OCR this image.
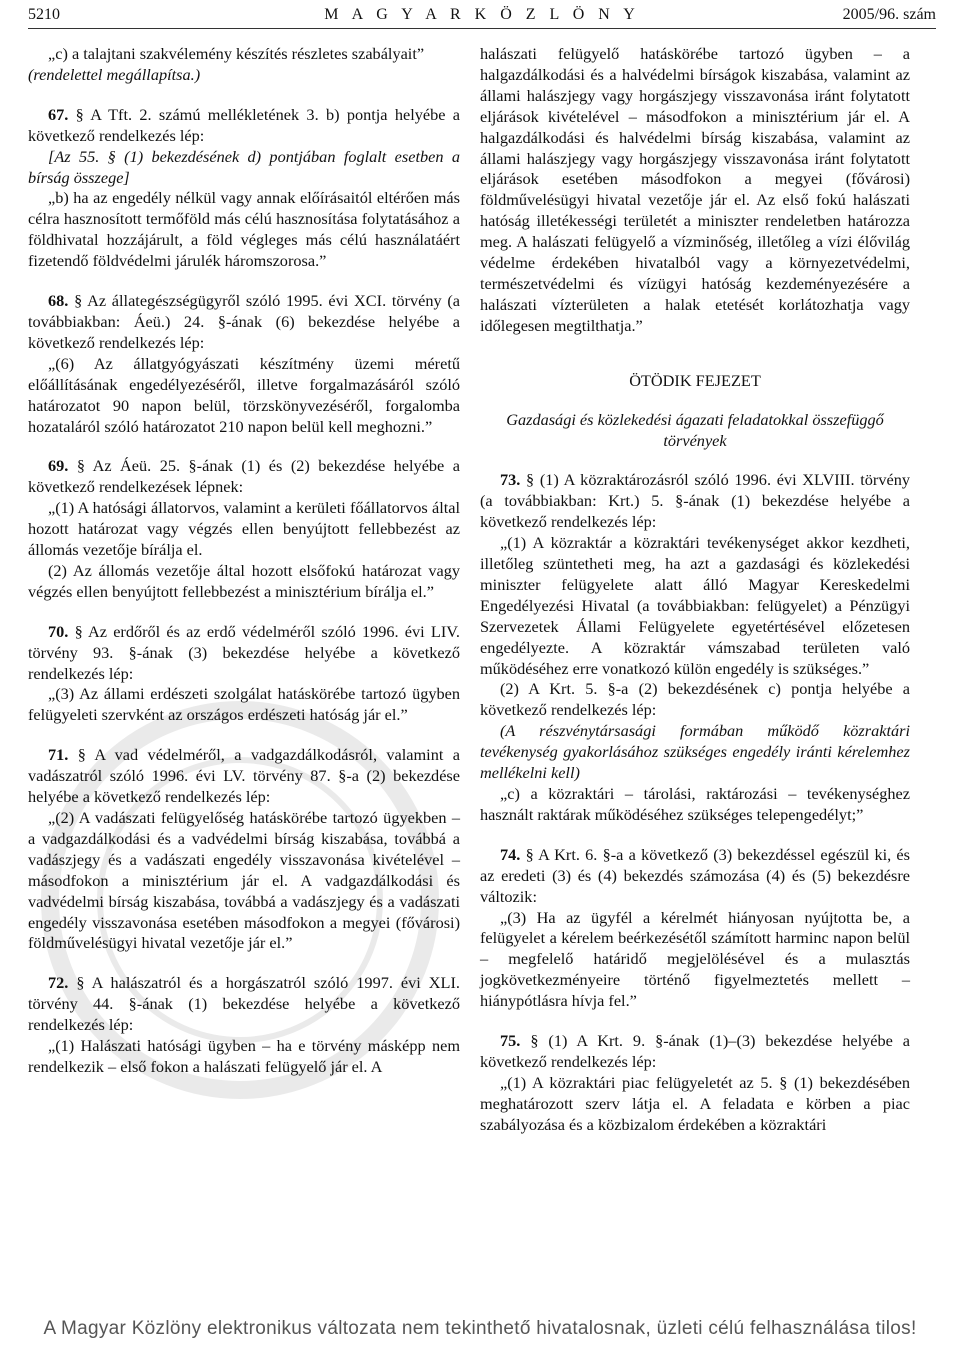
5210	M A G Y A R K Ö Z L Ö N Y	2005/96. szám

„c) a talajtani szakvélemény készítés részletes szabályait”

(rendelettel megállapítsa.)

67. § A Tft. 2. számú mellékletének 3. b) pontja helyébe a következő rendelkezés lép:

[Az 55. § (1) bekezdésének d) pontjában foglalt esetben a bírság összege]

„b) ha az engedély nélkül vagy annak előírásaitól eltérően más célra hasznosított termőföld más célú hasznosítása folytatásához a földhivatal hozzájárult, a föld végleges más célú használatáért fizetendő földvédelmi járulék háromszorosa.”

68. § Az állategészségügyről szóló 1995. évi XCI. törvény (a továbbiakban: Áeü.) 24. §-ának (6) bekezdése helyébe a következő rendelkezés lép:

„(6) Az állatgyógyászati készítmény üzemi méretű előállításának engedélyezéséről, illetve forgalmazásáról szóló határozatot 90 napon belül, törzskönyvezéséről, forgalomba hozataláról szóló határozatot 210 napon belül kell meghozni.”

69. § Az Áeü. 25. §-ának (1) és (2) bekezdése helyébe a következő rendelkezések lépnek:

„(1) A hatósági állatorvos, valamint a kerületi főállatorvos által hozott határozat vagy végzés ellen benyújtott fellebbezést az állomás vezetője bírálja el.

(2) Az állomás vezetője által hozott elsőfokú határozat vagy végzés ellen benyújtott fellebbezést a minisztérium bírálja el.”

70. § Az erdőről és az erdő védelméről szóló 1996. évi LIV. törvény 93. §-ának (3) bekezdése helyébe a következő rendelkezés lép:

„(3) Az állami erdészeti szolgálat hatáskörébe tartozó ügyben felügyeleti szervként az országos erdészeti hatóság jár el.”

71. § A vad védelméről, a vadgazdálkodásról, valamint a vadászatról szóló 1996. évi LV. törvény 87. §-a (2) bekezdése helyébe a következő rendelkezés lép:

„(2) A vadászati felügyelőség hatáskörébe tartozó ügyekben – a vadgazdálkodási és a vadvédelmi bírság kiszabása, továbbá a vadászjegy és a vadászati engedély visszavonása kivételével – másodfokon a minisztérium jár el. A vadgazdálkodási és vadvédelmi bírság kiszabása, továbbá a vadászjegy és a vadászati engedély visszavonása esetében másodfokon a megyei (fővárosi) földművelésügyi hivatal vezetője jár el.”

72. § A halászatról és a horgászatról szóló 1997. évi XLI. törvény 44. §-ának (1) bekezdése helyébe a következő rendelkezés lép:

„(1) Halászati hatósági ügyben – ha e törvény másképp nem rendelkezik – első fokon a halászati felügyelő jár el. A

halászati felügyelő hatáskörébe tartozó ügyben – a halgazdálkodási és a halvédelmi bírságok kiszabása, valamint az állami halászjegy vagy horgászjegy visszavonása iránt folytatott eljárások kivételével – másodfokon a minisztérium jár el. A halgazdálkodási és halvédelmi bírság kiszabása, valamint az állami halászjegy vagy horgászjegy visszavonása iránt folytatott eljárások esetében másodfokon a megyei (fővárosi) földművelésügyi hivatal vezetője jár el. Az első fokú halászati hatóság illetékességi területét a miniszter rendeletben határozza meg. A halászati felügyelő a vízminőség, illetőleg a vízi élővilág védelme érdekében hivatalból vagy a környezetvédelmi, természetvédelmi és vízügyi hatóság kezdeményezésére a halászati vízterületen a halak etetését korlátozhatja vagy időlegesen megtilthatja.”

ÖTÖDIK FEJEZET

Gazdasági és közlekedési ágazati feladatokkal összefüggő törvények

73. § (1) A közraktározásról szóló 1996. évi XLVIII. törvény (a továbbiakban: Krt.) 5. §-ának (1) bekezdése helyébe a következő rendelkezés lép:

„(1) A közraktár a közraktári tevékenységet akkor kezdheti, illetőleg szüntetheti meg, ha azt a gazdasági és közlekedési miniszter felügyelete alatt álló Magyar Kereskedelmi Engedélyezési Hivatal (a továbbiakban: felügyelet) a Pénzügyi Szervezetek Állami Felügyelete egyetértésével előzetesen engedélyezte. A közraktár vámszabad területen való működéséhez erre vonatkozó külön engedély is szükséges.”

(2) A Krt. 5. §-a (2) bekezdésének c) pontja helyébe a következő rendelkezés lép:

(A részvénytársasági formában működő közraktári tevékenység gyakorlásához szükséges engedély iránti kérelemhez mellékelni kell)

„c) a közraktári – tárolási, raktározási – tevékenységhez használt raktárak működéséhez szükséges telepengedélyt;”

74. § A Krt. 6. §-a a következő (3) bekezdéssel egészül ki, és az eredeti (3) és (4) bekezdés számozása (4) és (5) bekezdésre változik:

„(3) Ha az ügyfél a kérelmét hiányosan nyújtotta be, a felügyelet a kérelem beérkezésétől számított harminc napon belül – megfelelő határidő megjelölésével és a mulasztás jogkövetkezményeire történő figyelmeztetés mellett – hiánypótlásra hívja fel.”

75. § (1) A Krt. 9. §-ának (1)–(3) bekezdése helyébe a következő rendelkezés lép:

„(1) A közraktári piac felügyeletét az 5. § (1) bekezdésében meghatározott szerv látja el. A feladata e körben a piac szabályozása és a közbizalom érdekében a közraktári

A Magyar Közlöny elektronikus változata nem tekinthető hivatalosnak, üzleti célú felhasználása tilos!
